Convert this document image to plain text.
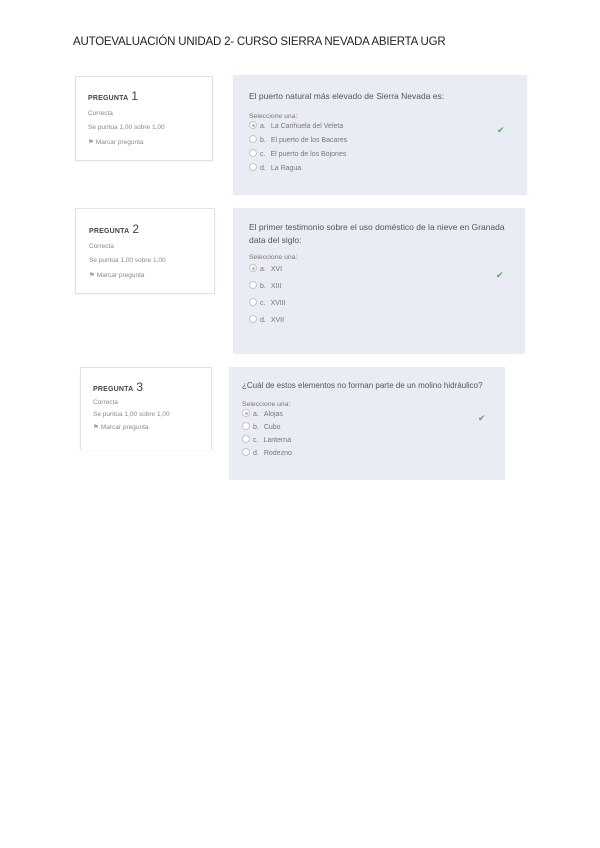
AUTOEVALUACIÓN UNIDAD 2- CURSO SIERRA NEVADA ABIERTA UGR
PREGUNTA 1
Correcta
Se puntúa 1,00 sobre 1,00
⚑ Marcar pregunta
El puerto natural más elevado de Sierra Nevada es:
Seleccione una:
a. La Carihuela del Veleta
b. El puerto de los Bacares
c. El puerto de los Bojones
d. La Ragua
✔
PREGUNTA 2
Correcta
Se puntúa 1,00 sobre 1,00
⚑ Marcar pregunta
El primer testimonio sobre el uso doméstico de la nieve en Granada data del siglo:
Seleccione una:
a. XVI
b. XIII
c. XVIII
d. XVII
✔
PREGUNTA 3
Correcta
Se puntúa 1,00 sobre 1,00
⚑ Marcar pregunta
¿Cuál de estos elementos no forman parte de un molino hidráulico?
Seleccione una:
a. Alojas
b. Cubo
c. Lanterna
d. Rodezno
✔
